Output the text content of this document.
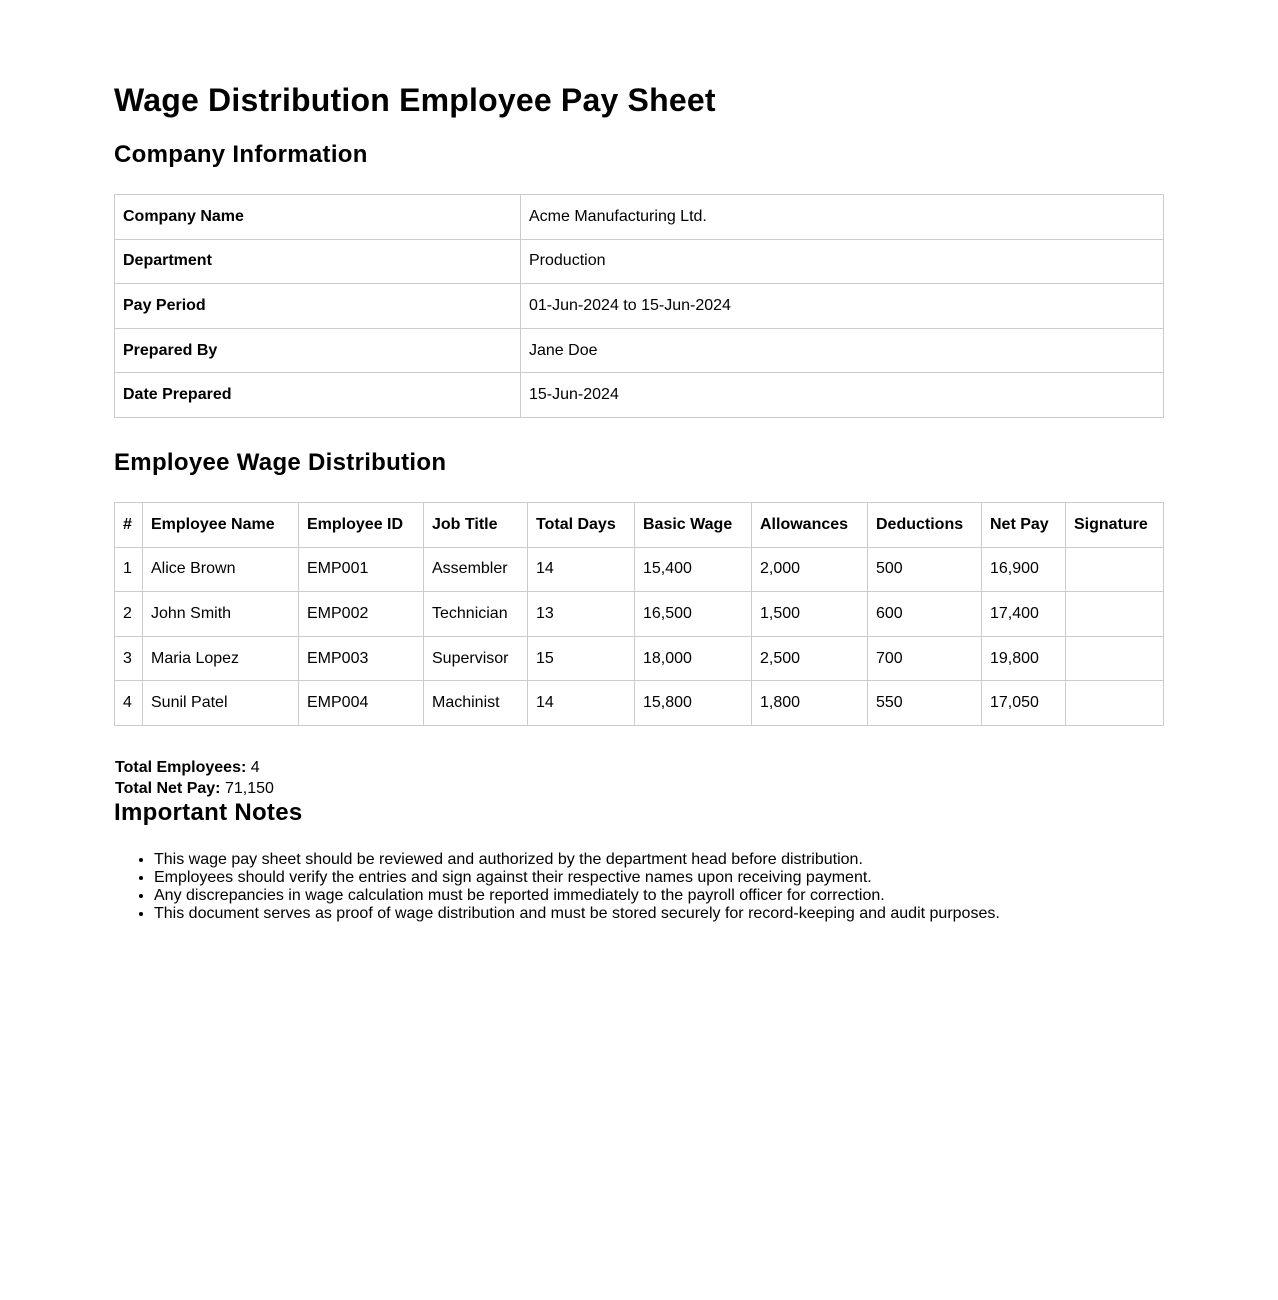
Wage Distribution Employee Pay Sheet
Company Information
Company Name	Acme Manufacturing Ltd.
Department	Production
Pay Period	01-Jun-2024 to 15-Jun-2024
Prepared By	Jane Doe
Date Prepared	15-Jun-2024
Employee Wage Distribution
#	Employee Name	Employee ID	Job Title	Total Days	Basic Wage	Allowances	Deductions	Net Pay	Signature
1	Alice Brown	EMP001	Assembler	14	15,400	2,000	500	16,900	
2	John Smith	EMP002	Technician	13	16,500	1,500	600	17,400	
3	Maria Lopez	EMP003	Supervisor	15	18,000	2,500	700	19,800	
4	Sunil Patel	EMP004	Machinist	14	15,800	1,800	550	17,050	
Total Employees: 4
Total Net Pay: 71,150
Important Notes
• This wage pay sheet should be reviewed and authorized by the department head before distribution.
• Employees should verify the entries and sign against their respective names upon receiving payment.
• Any discrepancies in wage calculation must be reported immediately to the payroll officer for correction.
• This document serves as proof of wage distribution and must be stored securely for record-keeping and audit purposes.
